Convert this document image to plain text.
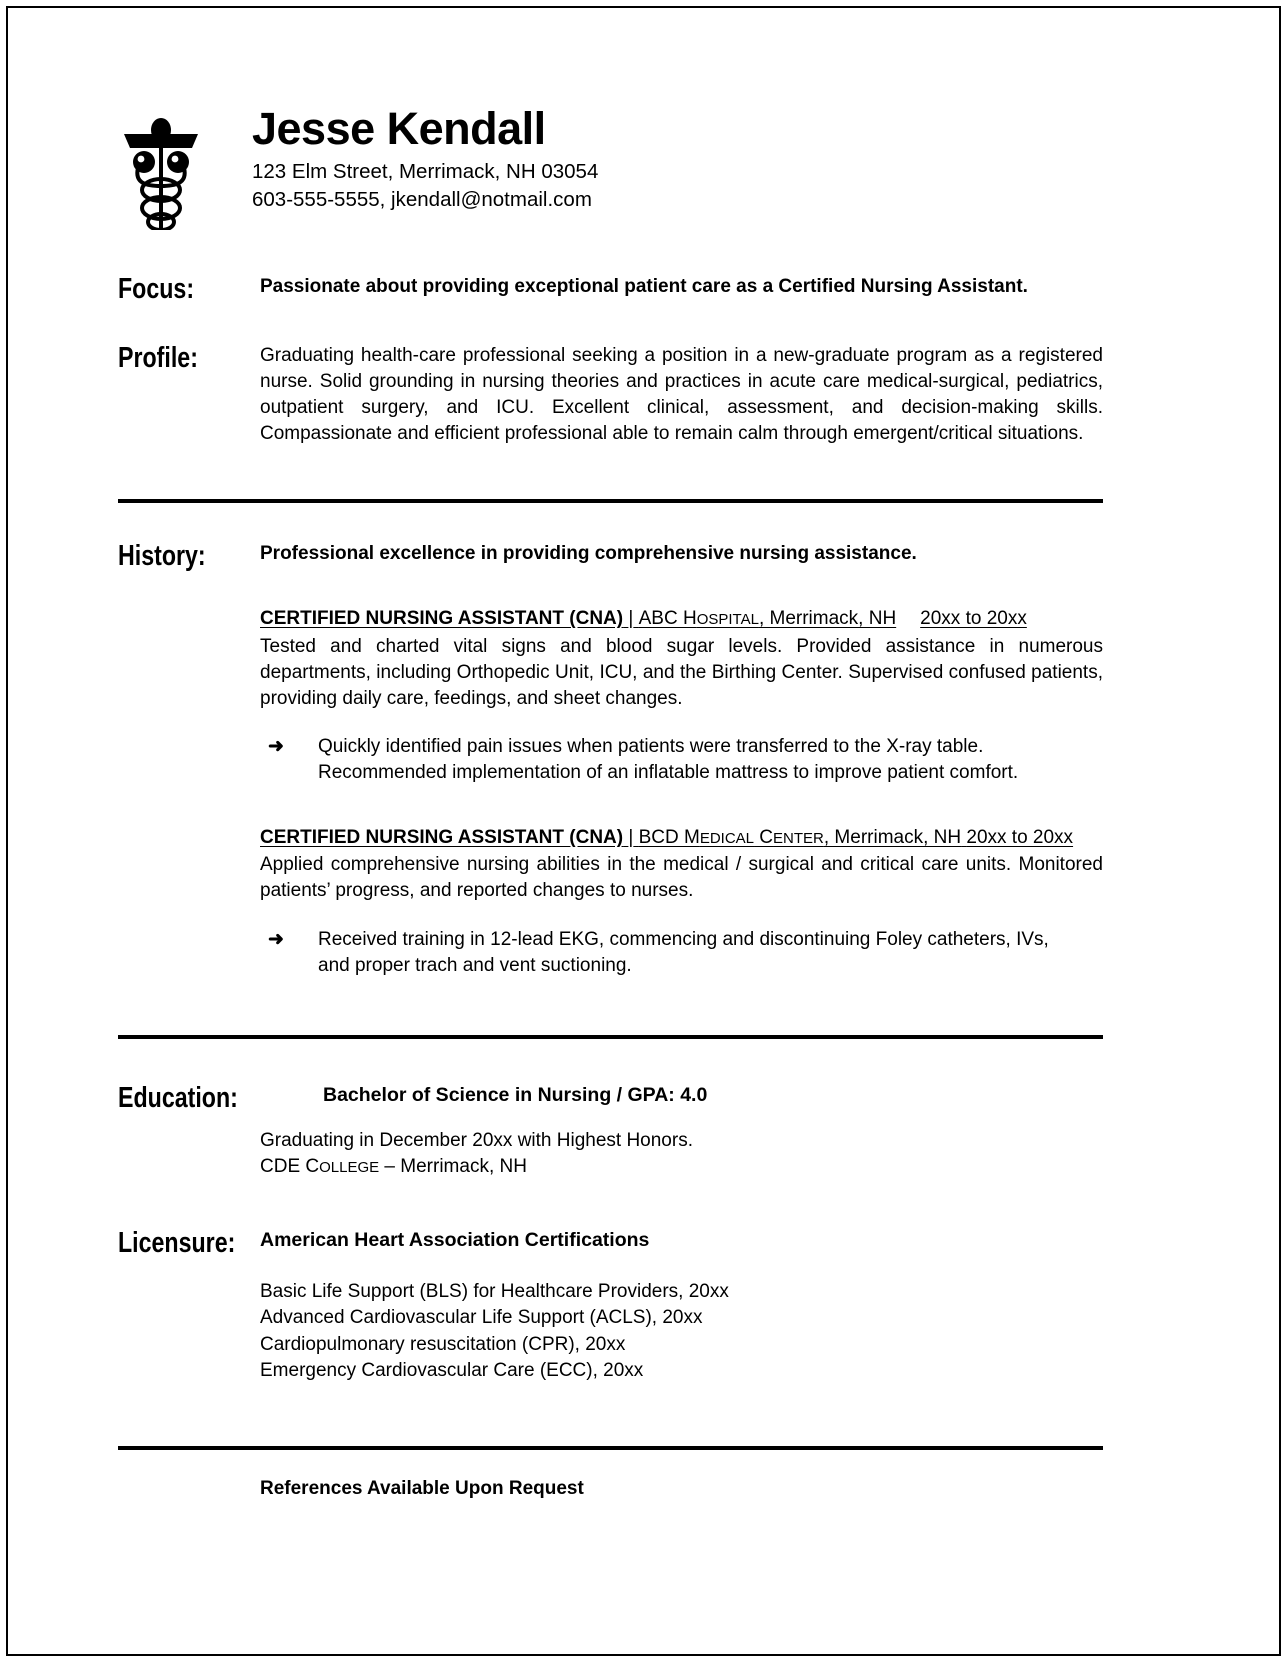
Jesse Kendall

123 Elm Street, Merrimack, NH 03054

603-555-5555, jkendall@notmail.com

Focus:	Passionate about providing exceptional patient care as a Certified Nursing Assistant.

Profile:	Graduating health-care professional seeking a position in a new-graduate program as a registered nurse. Solid grounding in nursing theories and practices in acute care medical-surgical, pediatrics, outpatient surgery, and ICU. Excellent clinical, assessment, and decision-making skills. Compassionate and efficient professional able to remain calm through emergent/critical situations.

History:	Professional excellence in providing comprehensive nursing assistance.

CERTIFIED NURSING ASSISTANT (CNA) | ABC HOSPITAL, Merrimack, NH 20xx to 20xx

Tested and charted vital signs and blood sugar levels. Provided assistance in numerous departments, including Orthopedic Unit, ICU, and the Birthing Center. Supervised confused patients, providing daily care, feedings, and sheet changes.

➜	Quickly identified pain issues when patients were transferred to the X-ray table.
Recommended implementation of an inflatable mattress to improve patient comfort.
CERTIFIED NURSING ASSISTANT (CNA) | BCD MEDICAL CENTER, Merrimack, NH 20xx to 20xx

Applied comprehensive nursing abilities in the medical / surgical and critical care units. Monitored patients’ progress, and reported changes to nurses.

➜	Received training in 12-lead EKG, commencing and discontinuing Foley catheters, IVs,
and proper trach and vent suctioning.
Education:	Bachelor of Science in Nursing / GPA: 4.0

Graduating in December 20xx with Highest Honors.

CDE COLLEGE – Merrimack, NH

Licensure: American Heart Association Certifications

Basic Life Support (BLS) for Healthcare Providers, 20xx
Advanced Cardiovascular Life Support (ACLS), 20xx
Cardiopulmonary resuscitation (CPR), 20xx
Emergency Cardiovascular Care (ECC), 20xx

References Available Upon Request
